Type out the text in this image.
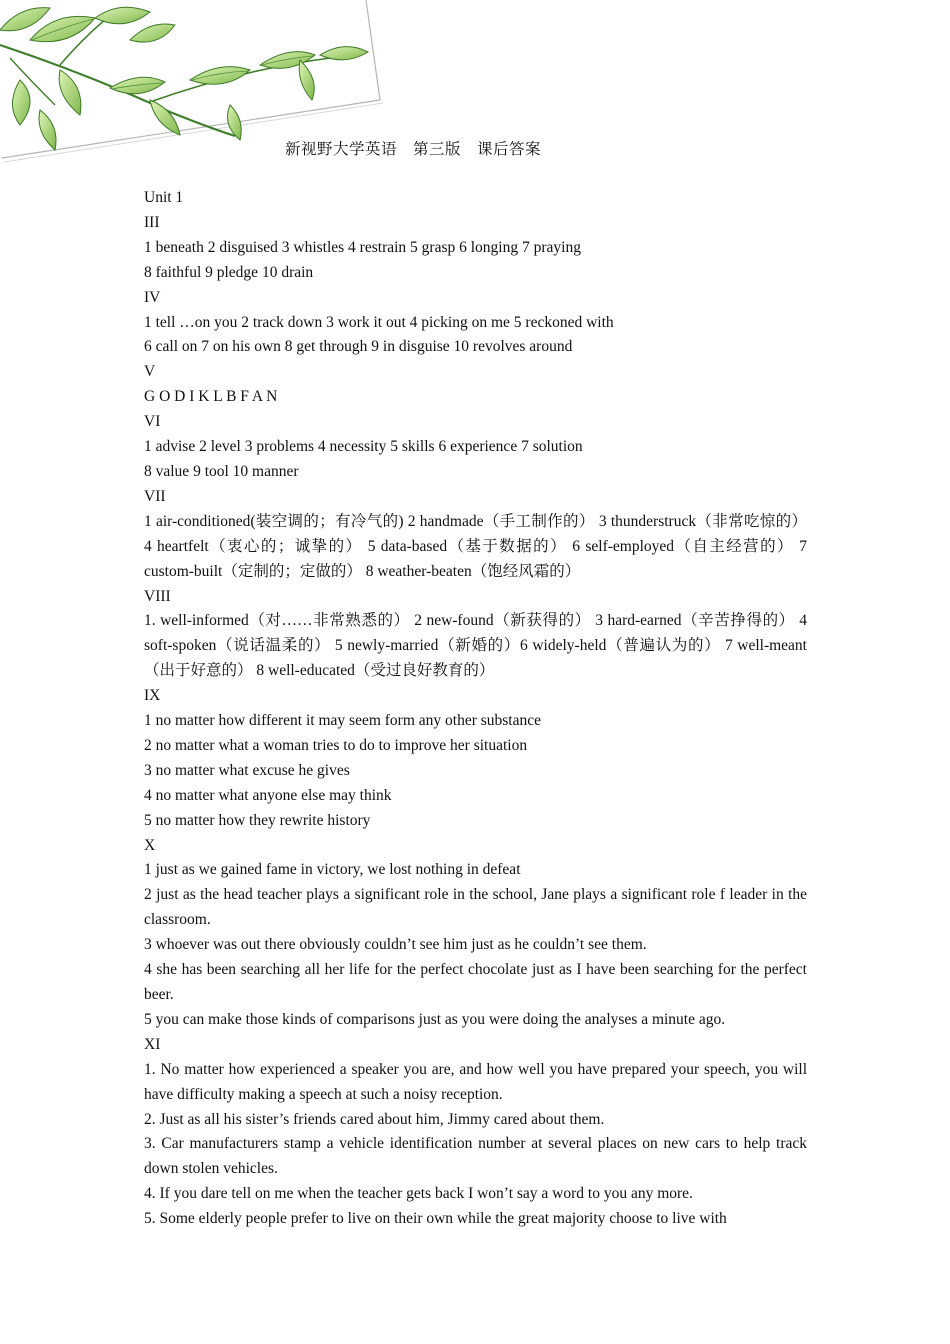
新视野大学英语　第三版　课后答案
Unit 1
III
1 beneath 2 disguised 3 whistles 4 restrain 5 grasp 6 longing 7 praying
8 faithful 9 pledge 10 drain
IV
1 tell …on you 2 track down 3 work it out 4 picking on me 5 reckoned with
6 call on 7 on his own 8 get through 9 in disguise 10 revolves around
V
G O D I K L B F A N
VI
1 advise 2 level 3 problems 4 necessity 5 skills 6 experience 7 solution
8 value 9 tool 10 manner
VII
1 air-conditioned(装空调的；有冷气的) 2 handmade（手工制作的） 3 thunderstruck（非常吃惊的） 4 heartfelt（衷心的；诚挚的） 5 data-based（基于数据的） 6 self-employed（自主经营的） 7 custom-built（定制的；定做的） 8 weather-beaten（饱经风霜的）
VIII
1. well-informed（对……非常熟悉的） 2 new-found（新获得的） 3 hard-earned（辛苦挣得的） 4 soft-spoken（说话温柔的） 5 newly-married（新婚的）6 widely-held（普遍认为的） 7 well-meant（出于好意的） 8 well-educated（受过良好教育的）
IX
1 no matter how different it may seem form any other substance
2 no matter what a woman tries to do to improve her situation
3 no matter what excuse he gives
4 no matter what anyone else may think
5 no matter how they rewrite history
X
1 just as we gained fame in victory, we lost nothing in defeat
2 just as the head teacher plays a significant role in the school, Jane plays a significant role f leader in the classroom.
3 whoever was out there obviously couldn’t see him just as he couldn’t see them.
4 she has been searching all her life for the perfect chocolate just as I have been searching for the perfect beer.
5 you can make those kinds of comparisons just as you were doing the analyses a minute ago.
XI
1. No matter how experienced a speaker you are, and how well you have prepared your speech, you will have difficulty making a speech at such a noisy reception.
2. Just as all his sister’s friends cared about him, Jimmy cared about them.
3. Car manufacturers stamp a vehicle identification number at several places on new cars to help track down stolen vehicles.
4. If you dare tell on me when the teacher gets back I won’t say a word to you any more.
5. Some elderly people prefer to live on their own while the great majority choose to live with
